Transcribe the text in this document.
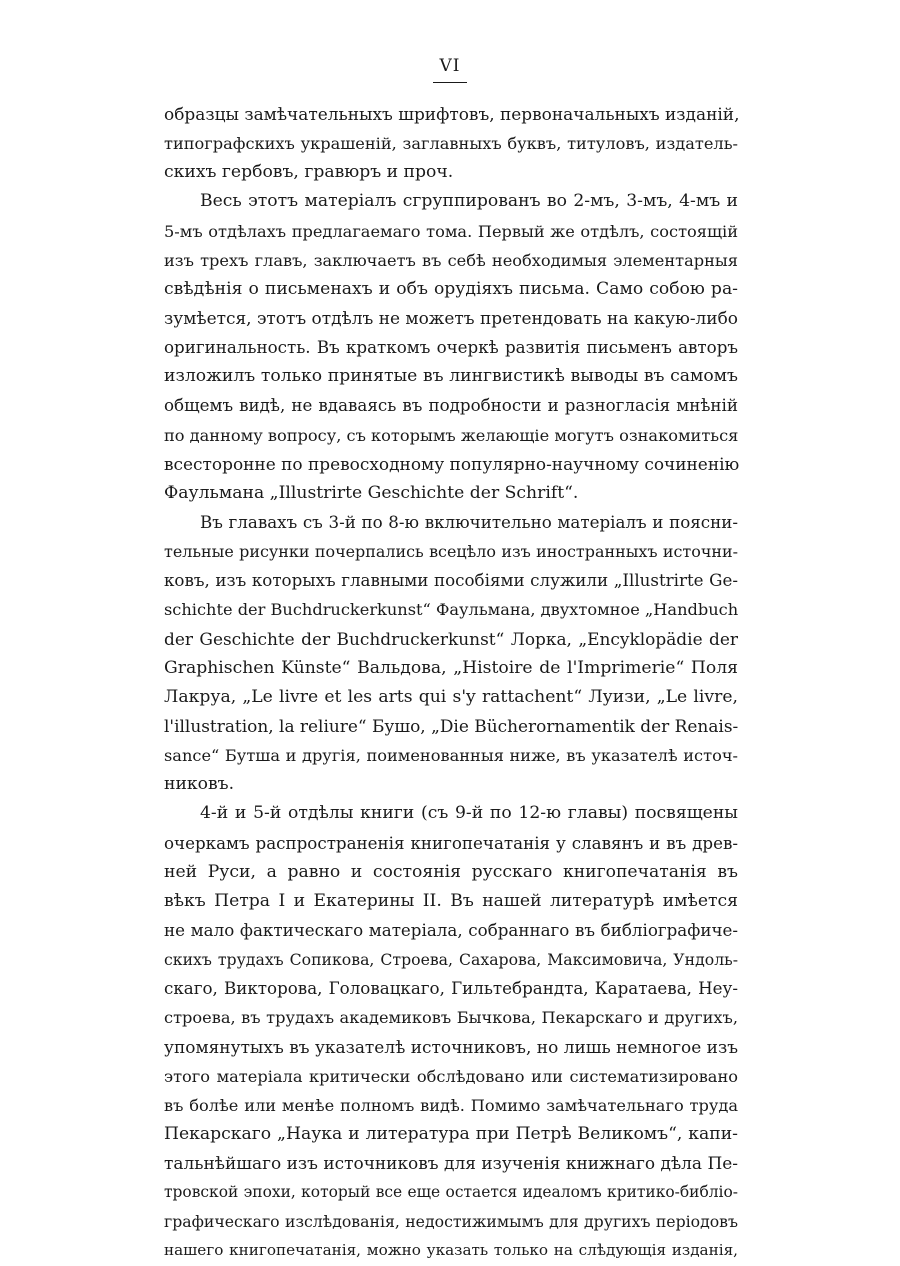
VI
образцы замѣчательныхъ шрифтовъ, первоначальныхъ изданій,
типографскихъ украшеній, заглавныхъ буквъ, титуловъ, издатель-
скихъ гербовъ, гравюръ и проч.
Весь этотъ матеріалъ сгруппированъ во 2-мъ, 3-мъ, 4-мъ и
5-мъ отдѣлахъ предлагаемаго тома. Первый же отдѣлъ, состоящій
изъ трехъ главъ, заключаетъ въ себѣ необходимыя элементарныя
свѣдѣнія о письменахъ и объ орудіяхъ письма. Само собою ра-
зумѣется, этотъ отдѣлъ не можетъ претендовать на какую-либо
оригинальность. Въ краткомъ очеркѣ развитія письменъ авторъ
изложилъ только принятые въ лингвистикѣ выводы въ самомъ
общемъ видѣ, не вдаваясь въ подробности и разногласія мнѣній
по данному вопросу, съ которымъ желающіе могутъ ознакомиться
всесторонне по превосходному популярно-научному сочиненію
Фаульмана „Illustrirte Geschichte der Schrift“.
Въ главахъ съ 3-й по 8-ю включительно матеріалъ и поясни-
тельные рисунки почерпались всецѣло изъ иностранныхъ источни-
ковъ, изъ которыхъ главными пособіями служили „Illustrirte Ge-
schichte der Buchdruckerkunst“ Фаульмана, двухтомное „Handbuch
der Geschichte der Buchdruckerkunst“ Лорка, „Encyklopädie der
Graphischen Künste“ Вальдова, „Histoire de l'Imprimerie“ Поля
Лакруа, „Le livre et les arts qui s'y rattachent“ Луизи, „Le livre,
l'illustration, la reliure“ Бушо, „Die Bücherornamentik der Renais-
sance“ Бутша и другія, поименованныя ниже, въ указателѣ источ-
никовъ.
4-й и 5-й отдѣлы книги (съ 9-й по 12-ю главы) посвящены
очеркамъ распространенія книгопечатанія у славянъ и въ древ-
ней Руси, а равно и состоянія русскаго книгопечатанія въ
вѣкъ Петра I и Екатерины II. Въ нашей литературѣ имѣется
не мало фактическаго матеріала, собраннаго въ библіографиче-
скихъ трудахъ Сопикова, Строева, Сахарова, Максимовича, Ундоль-
скаго, Викторова, Головацкаго, Гильтебрандта, Каратаева, Неу-
строева, въ трудахъ академиковъ Бычкова, Пекарскаго и другихъ,
упомянутыхъ въ указателѣ источниковъ, но лишь немногое изъ
этого матеріала критически обслѣдовано или систематизировано
въ болѣе или менѣе полномъ видѣ. Помимо замѣчательнаго труда
Пекарскаго „Наука и литература при Петрѣ Великомъ“, капи-
тальнѣйшаго изъ источниковъ для изученія книжнаго дѣла Пе-
тровской эпохи, который все еще остается идеаломъ критико-библіо-
графическаго изслѣдованія, недостижимымъ для другихъ періодовъ
нашего книгопечатанія, можно указать только на слѣдующія изданія,
